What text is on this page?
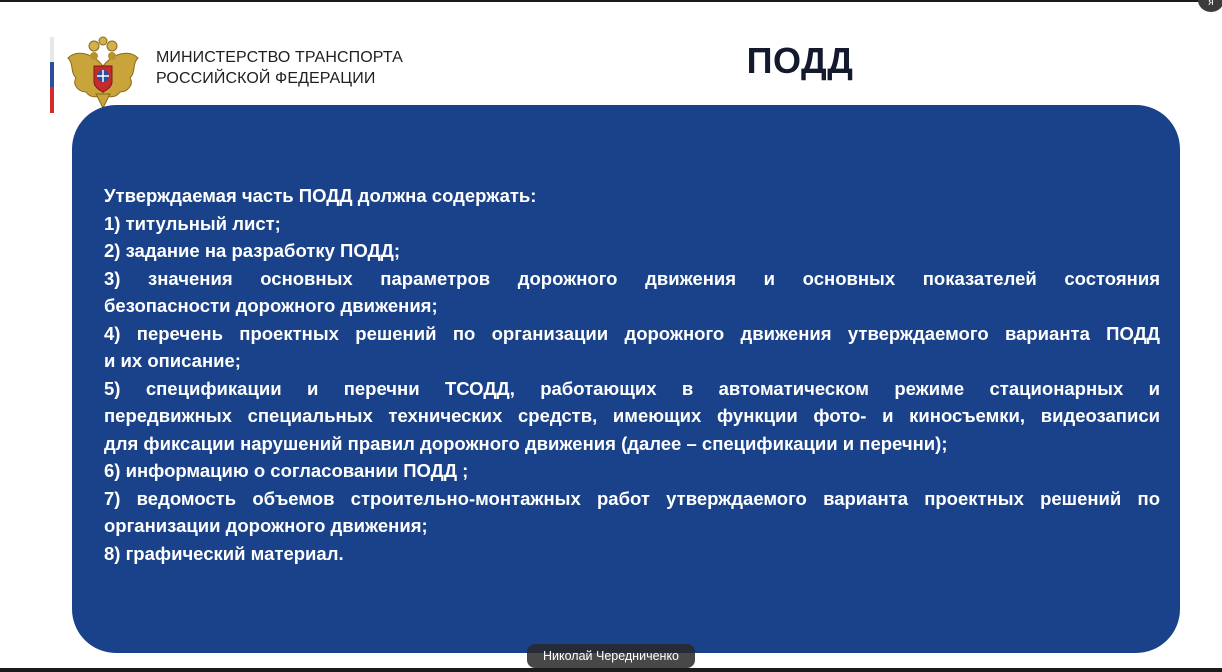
я
МИНИСТЕРСТВО ТРАНСПОРТА
РОССИЙСКОЙ ФЕДЕРАЦИИ	ПОДД
Утверждаемая часть ПОДД должна содержать:
1) титульный лист;
2) задание на разработку ПОДД;
3) значения основных параметров дорожного движения и основных показателей состояния
безопасности дорожного движения;
4) перечень проектных решений по организации дорожного движения утверждаемого варианта ПОДД
и их описание;
5) спецификации и перечни ТСОДД, работающих в автоматическом режиме стационарных и
передвижных специальных технических средств, имеющих функции фото- и киносъемки, видеозаписи
для фиксации нарушений правил дорожного движения (далее – спецификации и перечни);
6) информацию о согласовании ПОДД ;
7) ведомость объемов строительно-монтажных работ утверждаемого варианта проектных решений по
организации дорожного движения;
8) графический материал.
Николай Чередниченко
